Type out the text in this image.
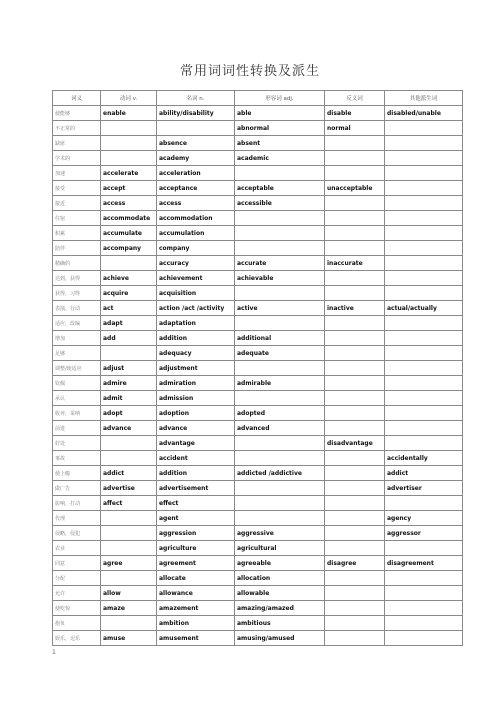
常用词词性转换及派生
词义	动词 v.	名词 n.	形容词 adj.	反义词	其他派生词
使能够	enable	ability/disability	able	disable	disabled/unable
不正常的			abnormal	normal	
缺席		absence	absent		
学术的		academy	academic		
加速	accelerate	acceleration			
接受	accept	acceptance	acceptable	unacceptable	
接近	access	access	accessible		
住宿	accommodate	accommodation			
积累	accumulate	accumulation			
陪伴	accompany	company			
精确的		accuracy	accurate	inaccurate	
达到，获得	achieve	achievement	achievable		
获得，习得	acquire	acquisition			
表演，行动	act	action /act /activity	active	inactive	actual/actually
适应，改编	adapt	adaptation			
增加	add	addition	additional		
足够		adequacy	adequate		
调整/使适应	adjust	adjustment			
钦佩	admire	admiration	admirable		
承认	admit	admission			
收养，采纳	adopt	adoption	adopted		
前进	advance	advance	advanced		
好处		advantage		disadvantage	
事故		accident			accidentally
使上瘾	addict	addition	addicted /addictive		addict
做广告	advertise	advertisement			advertiser
影响，打动	affect	effect			
代理		agent			agency
侵略，侵犯		aggression	aggressive		aggressor
农业		agriculture	agricultural		
同意	agree	agreement	agreeable	disagree	disagreement
分配		allocate	allocation		
允许	allow	allowance	allowable		
使吃惊	amaze	amazement	amazing/amazed		
抱负		ambition	ambitious		
娱乐，逗乐	amuse	amusement	amusing/amused		
1
